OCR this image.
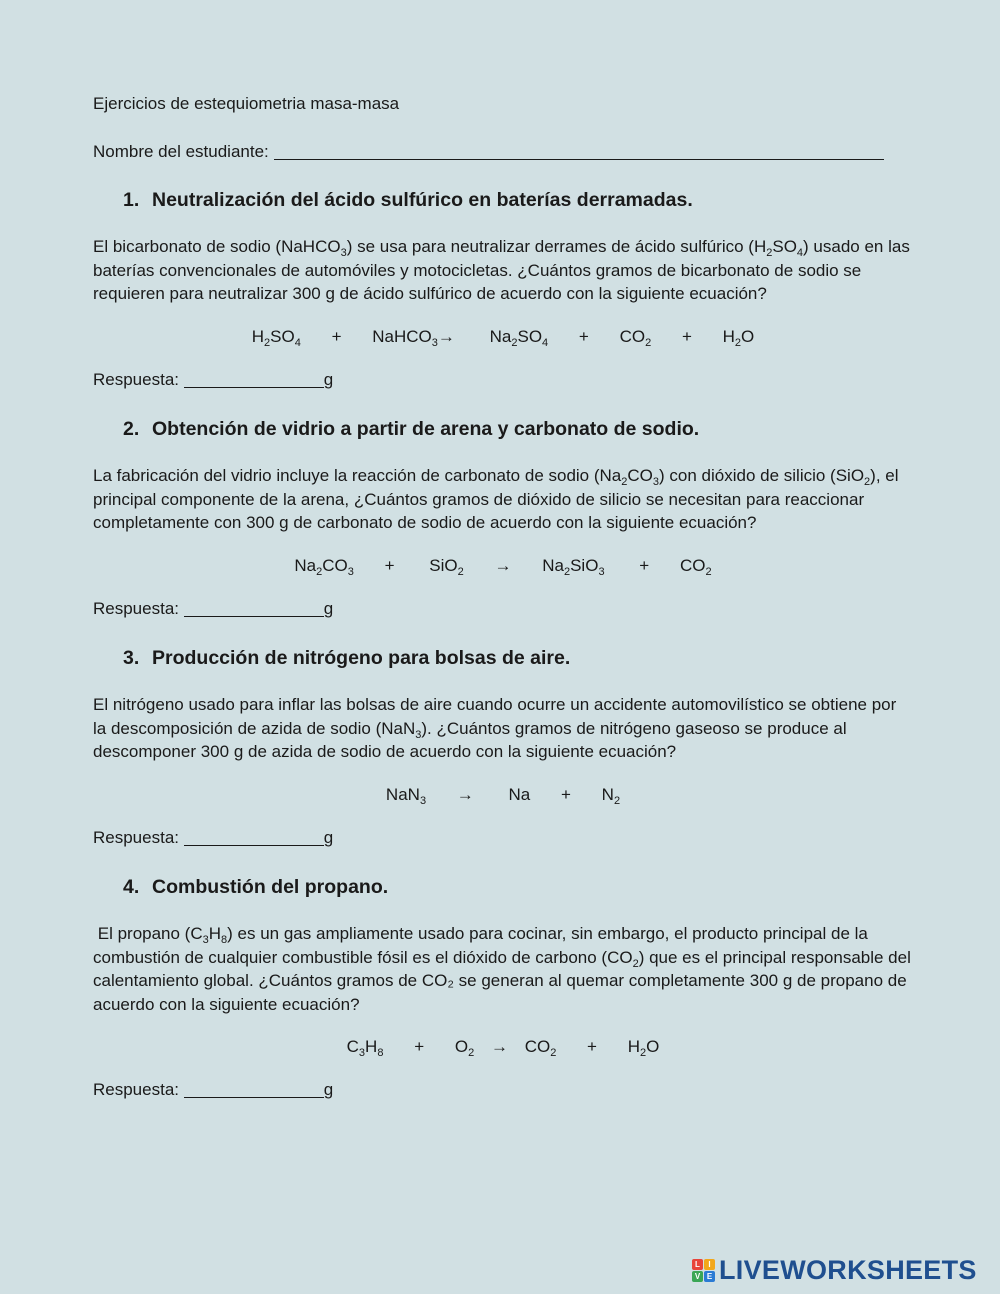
Ejercicios de estequiometria masa-masa
Nombre del estudiante:
1. Neutralización del ácido sulfúrico en baterías derramadas.

El bicarbonato de sodio (NaHCO$_3$) se usa para neutralizar derrames de ácido sulfúrico $(H_2SO_4)$ usado en las baterías convencionales de automóviles y motocicletas. ¿Cuántos gramos de bicarbonato de sodio se requieren para neutralizar 300 g de ácido sulfúrico de acuerdo con la siguiente ecuación?

$H_2SO_4$ + NaHCO$_3$→ $Na_2SO_4 + CO_2 + H_2O$
Respuesta:	g
2. Obtención de vidrio a partir de arena y carbonato de sodio.

La fabricación del vidrio incluye la reacción de carbonato de sodio $(Na_2CO_3)$ con dióxido de silicio (SiO$_2$), el principal componente de la arena, ¿Cuántos gramos de dióxido de silicio se necesitan para reaccionar completamente con 300 g de carbonato de sodio de acuerdo con la siguiente ecuación?

$Na_2CO_3 + SiO_2 \to Na_2SiO_3 + CO_2$
Respuesta:	g
3. Producción de nitrógeno para bolsas de aire.

El nitrógeno usado para inflar las bolsas de aire cuando ocurre un accidente automovilístico se obtiene por la descomposición de azida de sodio (NaN$_3$). ¿Cuántos gramos de nitrógeno gaseoso se produce al descomponer 300 g de azida de sodio de acuerdo con la siguiente ecuación?

$NaN_3 \to Na + N_2$
Respuesta:	g
4. Combustión del propano.

El propano $(C_3H_8)$ es un gas ampliamente usado para cocinar, sin embargo, el producto principal de la combustión de cualquier combustible fósil es el dióxido de carbono $(CO_2)$ que es el principal responsable del calentamiento global. ¿Cuántos gramos de CO₂ se generan al quemar completamente 300 g de propano de acuerdo con la siguiente ecuación?

$C_3H_8 + O_2 \to CO_2 + H_2O$
Respuesta:	g
L	I
V E LIVEWORKSHEETS
